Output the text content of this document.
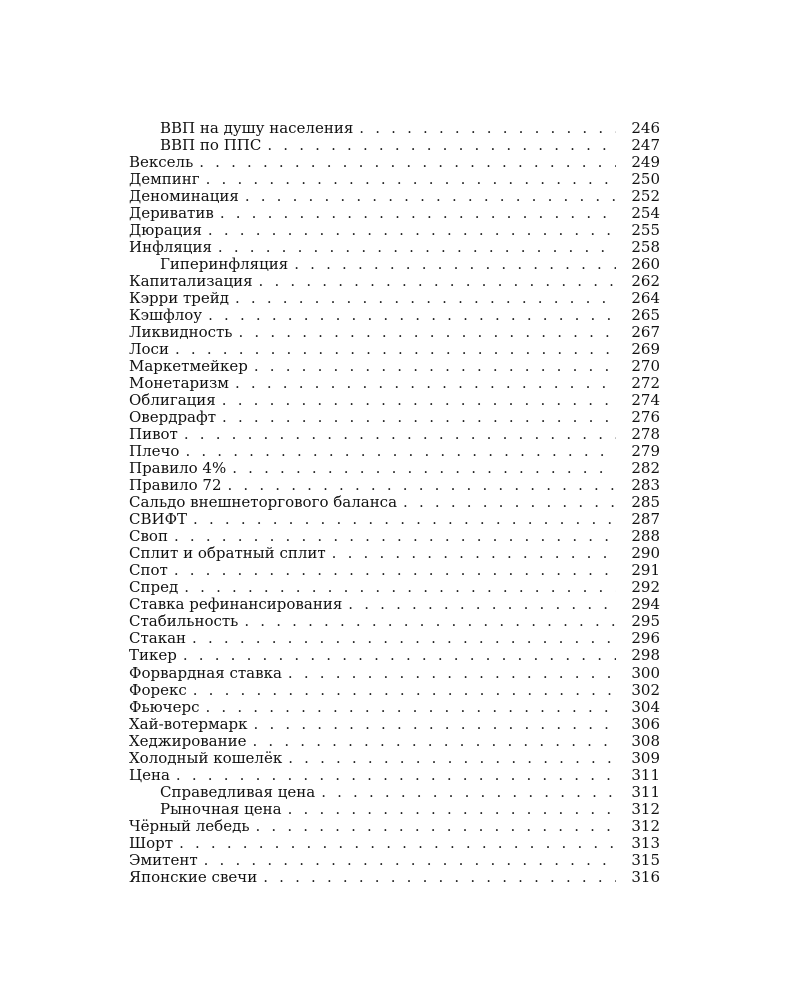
ВВП на душу населения . . .	246
ВВП по ППС . . .	247
Вексель . . .	249
Демпинг . . .	250
Деноминация . . .	252
Дериватив . . .	254
Дюрация . . .	255
Инфляция . . .	258
Гиперинфляция . . .	260
Капитализация . . .	262
Кэрри трейд . . .	264
Кэшфлоу . . .	265
Ликвидность . . .	267
Лоси . . .	269
Маркетмейкер . . .	270
Монетаризм . . .	272
Облигация . . .	274
Овердрафт . . .	276
Пивот . . .	278
Плечо . . .	279
Правило 4% . . .	282
Правило 72 . . .	283
Сальдо внешнеторгового баланса . . .	285
СВИФТ . . .	287
Своп . . .	288
Сплит и обратный сплит . . .	290
Спот . . .	291
Спред . . .	292
Ставка рефинансирования . . .	294
Стабильность . . .	295
Стакан . . .	296
Тикер . . .	298
Форвардная ставка . . .	300
Форекс . . .	302
Фьючерс . . .	304
Хай-вотермарк . . .	306
Хеджирование . . .	308
Холодный кошелёк . . .	309
Цена . . .	311
Справедливая цена . . .	311
Рыночная цена . . .	312
Чёрный лебедь . . .	312
Шорт . . .	313
Эмитент . . .	315
Японские свечи . . .	316
